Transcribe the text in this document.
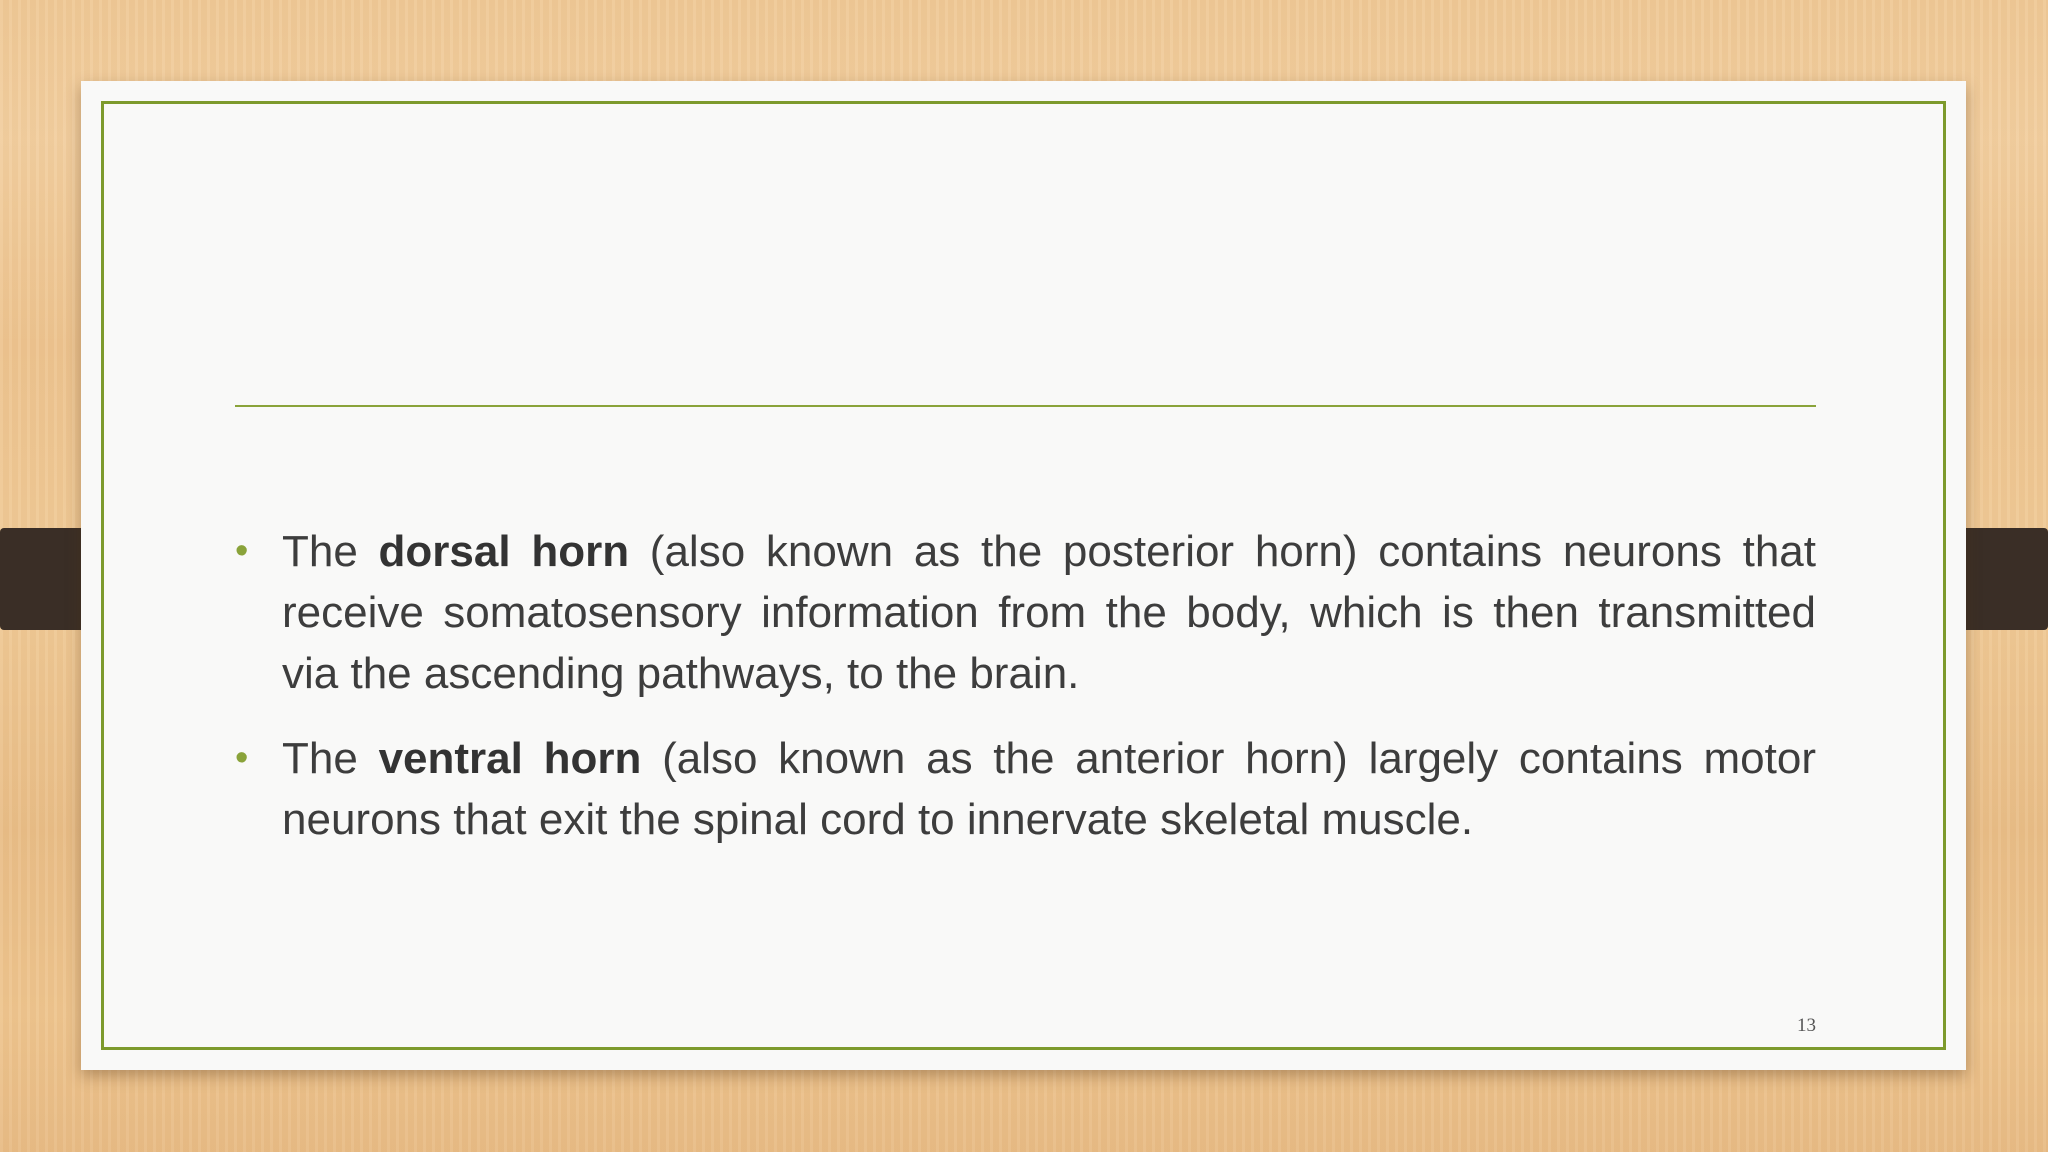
• The dorsal horn (also known as the posterior horn) contains neurons that receive somatosensory information from the body, which is then transmitted via the ascending pathways, to the brain.
• The ventral horn (also known as the anterior horn) largely contains motor neurons that exit the spinal cord to innervate skeletal muscle.
13
